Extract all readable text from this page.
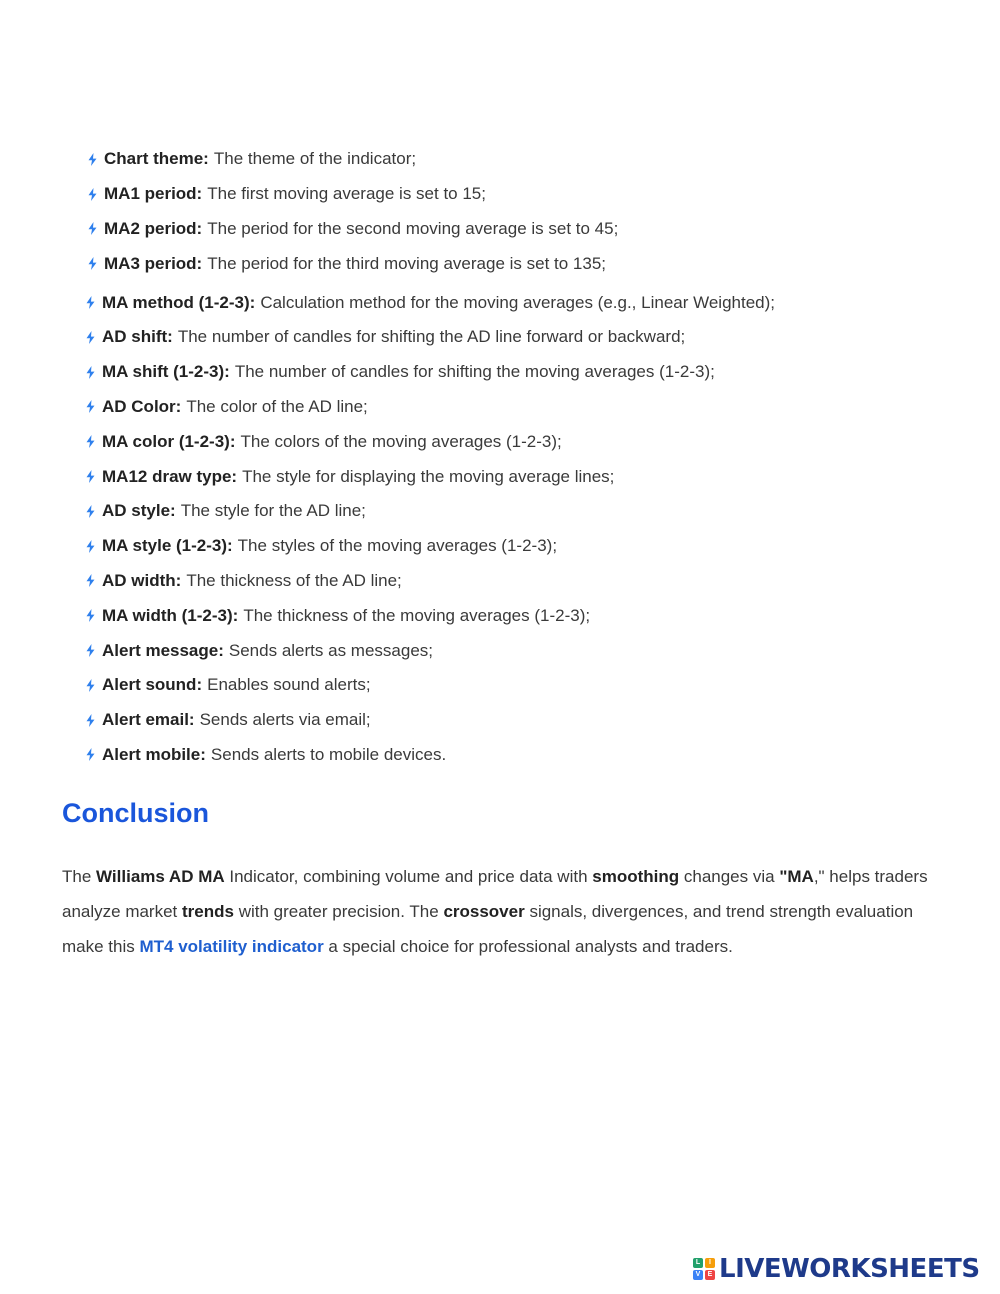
Chart theme: The theme of the indicator;
MA1 period: The first moving average is set to 15;
MA2 period: The period for the second moving average is set to 45;
MA3 period: The period for the third moving average is set to 135;
MA method (1-2-3): Calculation method for the moving averages (e.g., Linear Weighted);
AD shift: The number of candles for shifting the AD line forward or backward;
MA shift (1-2-3): The number of candles for shifting the moving averages (1-2-3);
AD Color: The color of the AD line;
MA color (1-2-3): The colors of the moving averages (1-2-3);
MA12 draw type: The style for displaying the moving average lines;
AD style: The style for the AD line;
MA style (1-2-3): The styles of the moving averages (1-2-3);
AD width: The thickness of the AD line;
MA width (1-2-3): The thickness of the moving averages (1-2-3);
Alert message: Sends alerts as messages;
Alert sound: Enables sound alerts;
Alert email: Sends alerts via email;
Alert mobile: Sends alerts to mobile devices.
Conclusion

The Williams AD MA Indicator, combining volume and price data with smoothing changes via "MA," helps traders analyze market trends with greater precision. The crossover signals, divergences, and trend strength evaluation make this MT4 volatility indicator a special choice for professional analysts and traders.

L	I
V	E LIVEWORKSHEETS
